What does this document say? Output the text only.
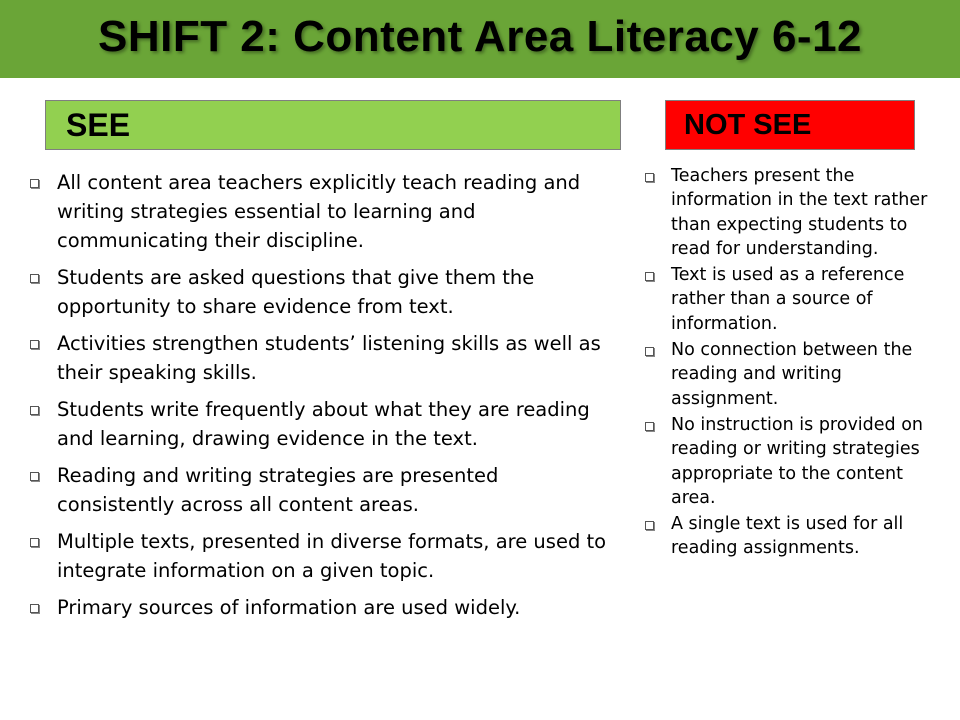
SHIFT 2: Content Area Literacy 6-12
SEE	NOT SEE
All content area teachers explicitly teach reading and writing strategies essential to learning and communicating their discipline.
Students are asked questions that give them the opportunity to share evidence from text.
Activities strengthen students’ listening skills as well as their speaking skills.
Students write frequently about what they are reading and learning, drawing evidence in the text.
Reading and writing strategies are presented consistently across all content areas.
Multiple texts, presented in diverse formats, are used to integrate information on a given topic.
Primary sources of information are used widely.
Teachers present the information in the text rather than expecting students to read for understanding.
Text is used as a reference rather than a source of information.
No connection between the reading and writing assignment.
No instruction is provided on reading or writing strategies appropriate to the content area.
A single text is used for all reading assignments.
